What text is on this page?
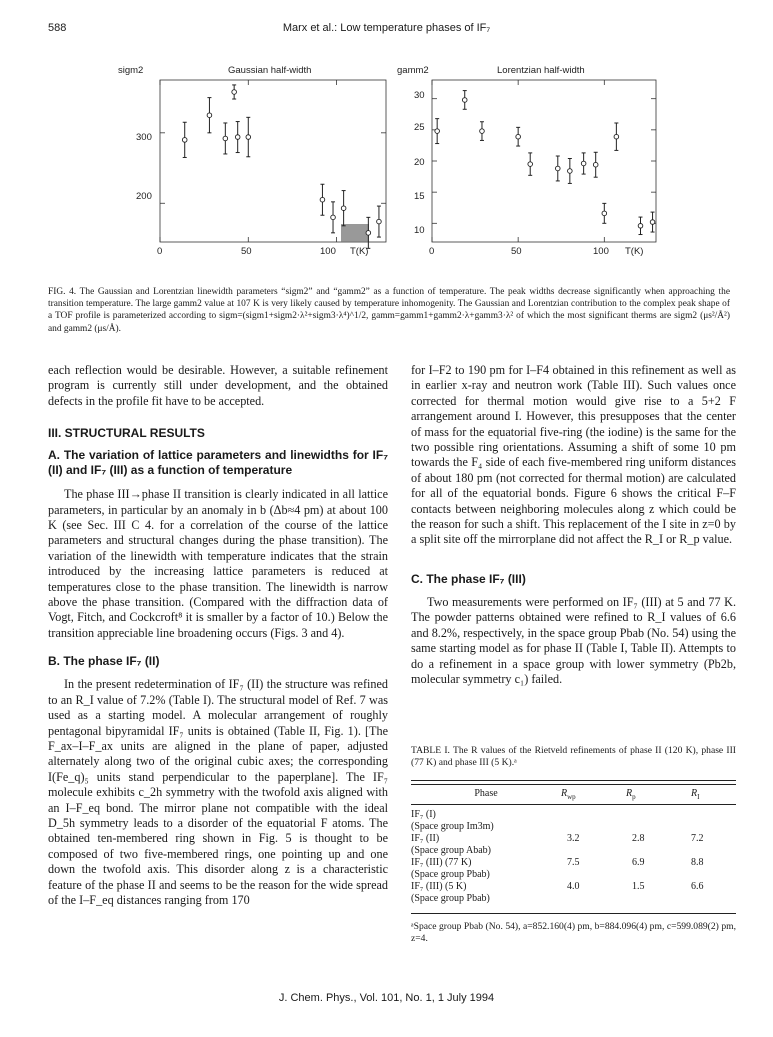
588	Marx et al.: Low temperature phases of IF₇
sigm2	Gaussian half-width
300
200
0	50	100 T(K)
gamm2	Lorentzian half-width
30
25
20
15
10
0	50	100 T(K)
FIG. 4. The Gaussian and Lorentzian linewidth parameters “sigm2” and “gamm2” as a function of temperature. The peak widths decrease significantly when approaching the transition temperature. The large gamm2 value at 107 K is very likely caused by temperature inhomogenity. The Gaussian and Lorentzian contribution to the complex peak shape of a TOF profile is parameterized according to sigm=(sigm1+sigm2·λ²+sigm3·λ⁴)^1/2, gamm=gamm1+gamm2·λ+gamm3·λ² of which the most significant therms are sigm2 (μs²/Å²) and gamm2 (μs/Å).

each reflection would be desirable. However, a suitable refinement program is currently still under development, and the obtained defects in the profile fit have to be accepted.

III. STRUCTURAL RESULTS

A. The variation of lattice parameters and linewidths for IF₇ (II) and IF₇ (III) as a function of temperature

The phase III→phase II transition is clearly indicated in all lattice parameters, in particular by an anomaly in b (Δb≈4 pm) at about 100 K (see Sec. III C 4. for a correlation of the course of the lattice parameters and structural changes during the phase transition). The variation of the linewidth with temperature indicates that the strain introduced by the increasing lattice parameters is reduced at temperatures close to the phase transition. The linewidth is narrow above the phase transition. (Compared with the diffraction data of Vogt, Fitch, and Cockcroft⁸ it is smaller by a factor of 10.) Below the transition appreciable line broadening occurs (Figs. 3 and 4).

B. The phase IF₇ (II)

In the present redetermination of IF₇ (II) the structure was refined to an R_I value of 7.2% (Table I). The structural model of Ref. 7 was used as a starting model. A molecular arrangement of roughly pentagonal bipyramidal IF₇ units is obtained (Table II, Fig. 1). [The F_ax–I–F_ax units are aligned in the plane of paper, adjusted alternately along two of the original cubic axes; the corresponding I(Fe_q)₅ units stand perpendicular to the paperplane]. The IF₇ molecule exhibits c_2h symmetry with the twofold axis aligned with an I–F_eq bond. The mirror plane not compatible with the ideal D_5h symmetry leads to a disorder of the equatorial F atoms. The obtained ten-membered ring shown in Fig. 5 is thought to be composed of two five-membered rings, one pointing up and one down the twofold axis. This disorder along z is a characteristic feature of the phase II and seems to be the reason for the wide spread of the I–F_eq distances ranging from 170

for I–F2 to 190 pm for I–F4 obtained in this refinement as well as in earlier x-ray and neutron work (Table III). Such values once corrected for thermal motion would give rise to a 5+2 F arrangement around I. However, this presupposes that the center of mass for the equatorial five-ring (the iodine) is the same for the two possible ring orientations. Assuming a shift of some 10 pm towards the F₄ side of each five-membered ring uniform distances of about 180 pm (not corrected for thermal motion) are calculated for all of the equatorial bonds. Figure 6 shows the critical F–F contacts between neighboring molecules along z which could be the reason for such a shift. This replacement of the I site in z=0 by a split site off the mirrorplane did not affect the R_I or R_p value.

C. The phase IF₇ (III)

Two measurements were performed on IF₇ (III) at 5 and 77 K. The powder patterns obtained were refined to R_I values of 6.6 and 8.2%, respectively, in the space group Pbab (No. 54) using the same starting model as for phase II (Table I, Table II). Attempts to do a refinement in a space group with lower symmetry (Pb2b, molecular symmetry c₁) failed.

TABLE I. The R values of the Rietveld refinements of phase II (120 K), phase III (77 K) and phase III (5 K).ᵃ
Phase	$R_{wp}$	$R_p$	$R_I$

IF₇ (I)
(Space group Im3m)			
IF₇ (II)
(Space group Abab)	3.2	2.8	7.2
IF₇ (III) (77 K)
(Space group Pbab)	7.5	6.9	8.8
IF₇ (III) (5 K)
(Space group Pbab)	4.0	1.5	6.6
ᵃSpace group Pbab (No. 54), a=852.160(4) pm, b=884.096(4) pm, c=599.089(2) pm, z=4.
J. Chem. Phys., Vol. 101, No. 1, 1 July 1994
